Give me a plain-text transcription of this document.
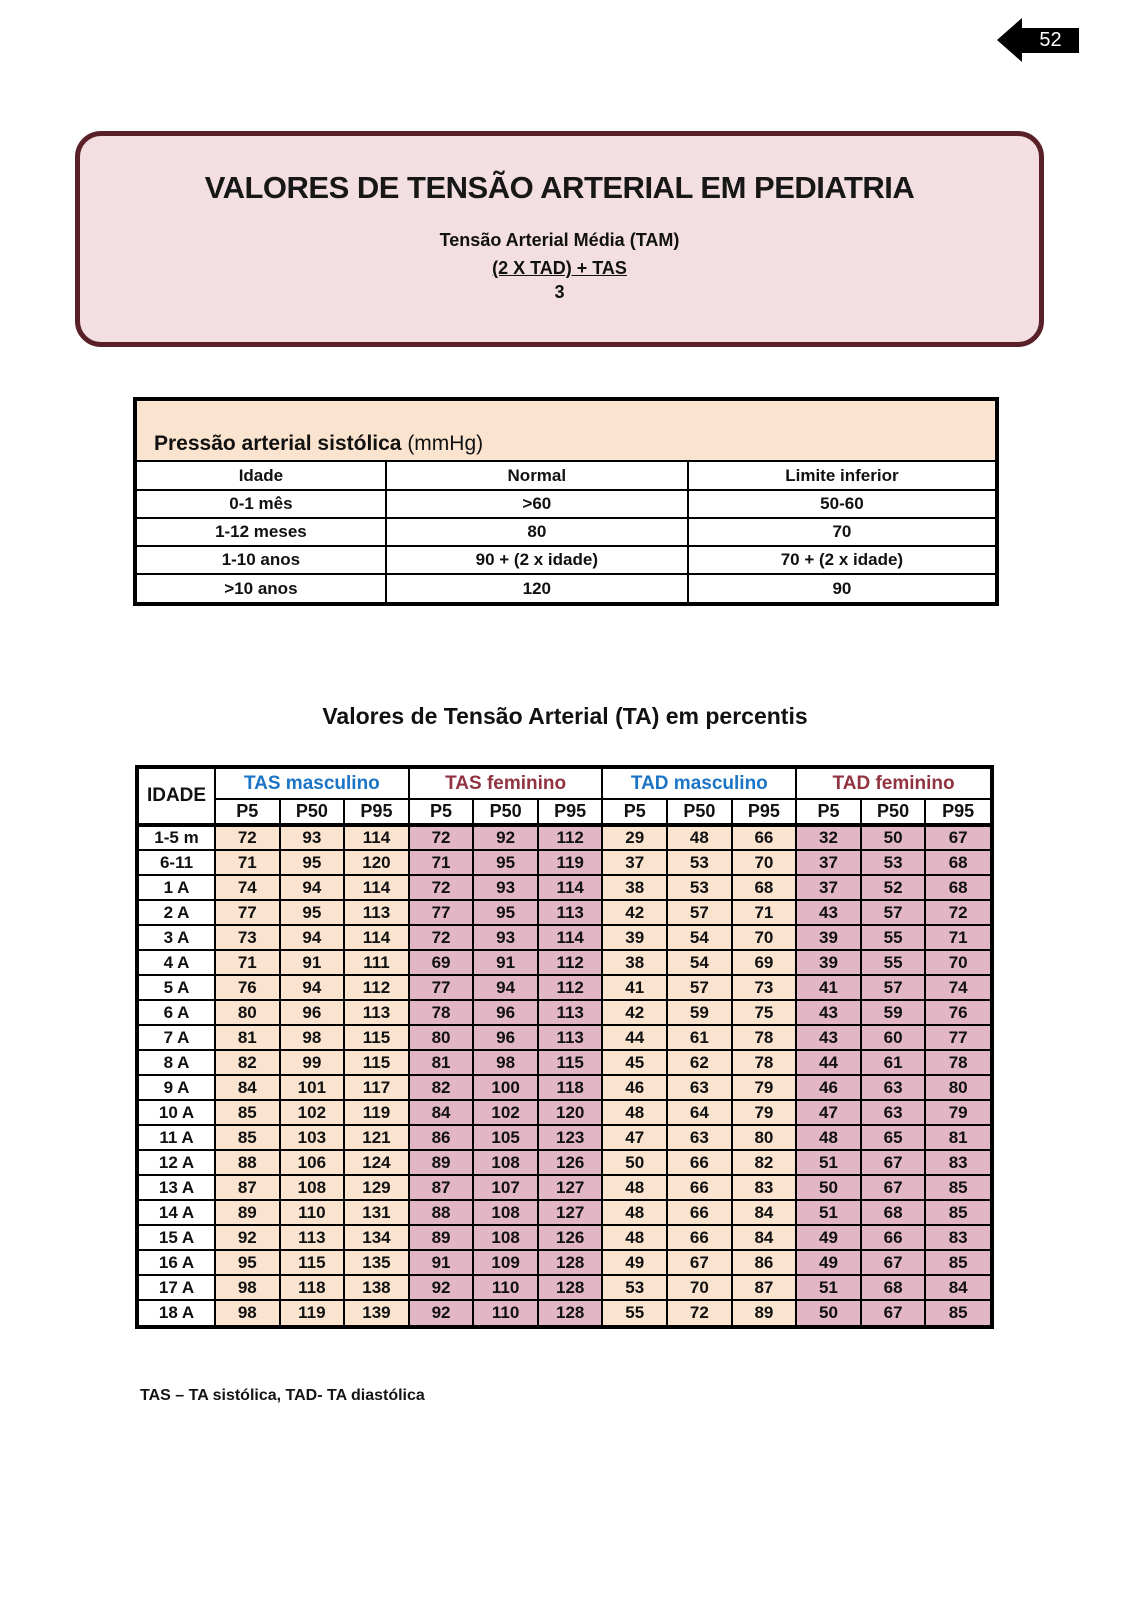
52
VALORES DE TENSÃO ARTERIAL EM PEDIATRIA
Tensão Arterial Média (TAM)
(2 X TAD) + TAS
3
Pressão arterial sistólica (mmHg)
Idade	Normal	Limite inferior
0-1 mês	>60	50-60
1-12 meses	80	70
1-10 anos	90 + (2 x idade)	70 + (2 x idade)
>10 anos	120	90
Valores de Tensão Arterial (TA) em percentis
IDADE	TAS masculino			TAS feminino			TAD masculino			TAD feminino		
	P5	P50	P95	P5	P50	P95	P5	P50	P95	P5	P50	P95
1-5 m	72	93	114	72	92	112	29	48	66	32	50	67
6-11	71	95	120	71	95	119	37	53	70	37	53	68
1 A	74	94	114	72	93	114	38	53	68	37	52	68
2 A	77	95	113	77	95	113	42	57	71	43	57	72
3 A	73	94	114	72	93	114	39	54	70	39	55	71
4 A	71	91	111	69	91	112	38	54	69	39	55	70
5 A	76	94	112	77	94	112	41	57	73	41	57	74
6 A	80	96	113	78	96	113	42	59	75	43	59	76
7 A	81	98	115	80	96	113	44	61	78	43	60	77
8 A	82	99	115	81	98	115	45	62	78	44	61	78
9 A	84	101	117	82	100	118	46	63	79	46	63	80
10 A	85	102	119	84	102	120	48	64	79	47	63	79
11 A	85	103	121	86	105	123	47	63	80	48	65	81
12 A	88	106	124	89	108	126	50	66	82	51	67	83
13 A	87	108	129	87	107	127	48	66	83	50	67	85
14 A	89	110	131	88	108	127	48	66	84	51	68	85
15 A	92	113	134	89	108	126	48	66	84	49	66	83
16 A	95	115	135	91	109	128	49	67	86	49	67	85
17 A	98	118	138	92	110	128	53	70	87	51	68	84
18 A	98	119	139	92	110	128	55	72	89	50	67	85
TAS – TA sistólica, TAD- TA diastólica
